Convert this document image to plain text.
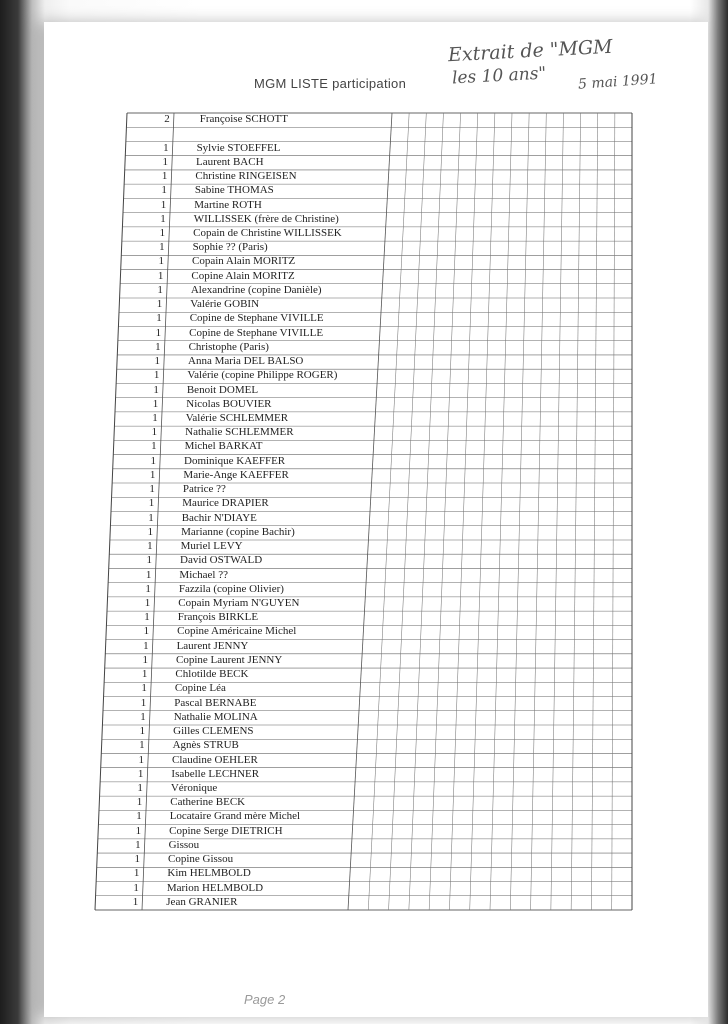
MGM LISTE participation
Extrait de "MGM
les 10 ans" 5 mai 1991
2	Françoise SCHOTT
1	Sylvie STOEFFEL
1	Laurent BACH
1	Christine RINGEISEN
1	Sabine THOMAS
1	Martine ROTH
1	WILLISSEK (frère de Christine)
1	Copain de Christine WILLISSEK
1	Sophie ?? (Paris)
1	Copain Alain MORITZ
1	Copine Alain MORITZ
1	Alexandrine (copine Danièle)
1	Valérie GOBIN
1	Copine de Stephane VIVILLE
1	Copine de Stephane VIVILLE
1	Christophe (Paris)
1	Anna Maria DEL BALSO
1	Valérie (copine Philippe ROGER)
1	Benoit DOMEL
1	Nicolas BOUVIER
1	Valérie SCHLEMMER
1	Nathalie SCHLEMMER
1	Michel BARKAT
1	Dominique KAEFFER
1	Marie-Ange KAEFFER
1	Patrice ??
1	Maurice DRAPIER
1	Bachir N'DIAYE
1	Marianne (copine Bachir)
1	Muriel LEVY
1	David OSTWALD
1	Michael ??
1	Fazzila (copine Olivier)
1	Copain Myriam N'GUYEN
1	François BIRKLE
1	Copine Américaine Michel
1	Laurent JENNY
1	Copine Laurent JENNY
1	Chlotilde BECK
1	Copine Léa
1	Pascal BERNABE
1	Nathalie MOLINA
1	Gilles CLEMENS
1	Agnès STRUB
1	Claudine OEHLER
1	Isabelle LECHNER
1	Véronique
1	Catherine BECK
1	Locataire Grand mère Michel
1	Copine Serge DIETRICH
1	Gissou
1	Copine Gissou
1	Kim HELMBOLD
1	Marion HELMBOLD
1	Jean GRANIER
Page 2
